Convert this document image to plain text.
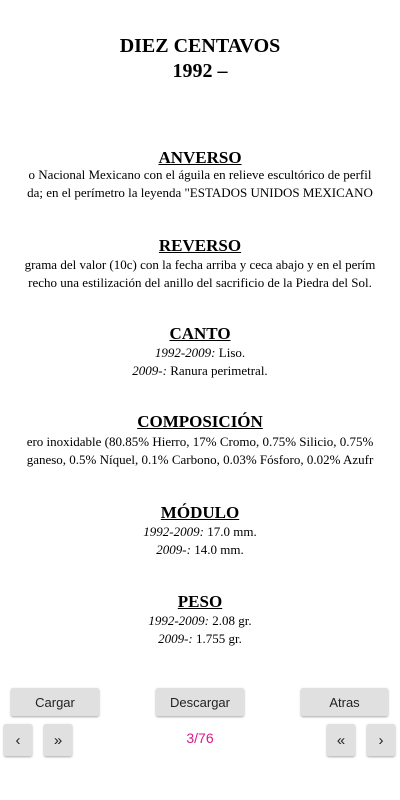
DIEZ CENTAVOS
1992 –
ANVERSO
o Nacional Mexicano con el águila en relieve escultórico de perfil
da; en el perímetro la leyenda "ESTADOS UNIDOS MEXICANO
REVERSO
grama del valor (10c) con la fecha arriba y ceca abajo y en el perím
recho una estilización del anillo del sacrificio de la Piedra del Sol.
CANTO
1992-2009: Liso.
2009-: Ranura perimetral.
COMPOSICIÓN
ero inoxidable (80.85% Hierro, 17% Cromo, 0.75% Silicio, 0.75%
ganeso, 0.5% Níquel, 0.1% Carbono, 0.03% Fósforo, 0.02% Azufr
MÓDULO
1992-2009: 17.0 mm.
2009-: 14.0 mm.
PESO
1992-2009: 2.08 gr.
2009-: 1.755 gr.
Cargar	Descargar	Atras
‹	»	3/76	«	›
